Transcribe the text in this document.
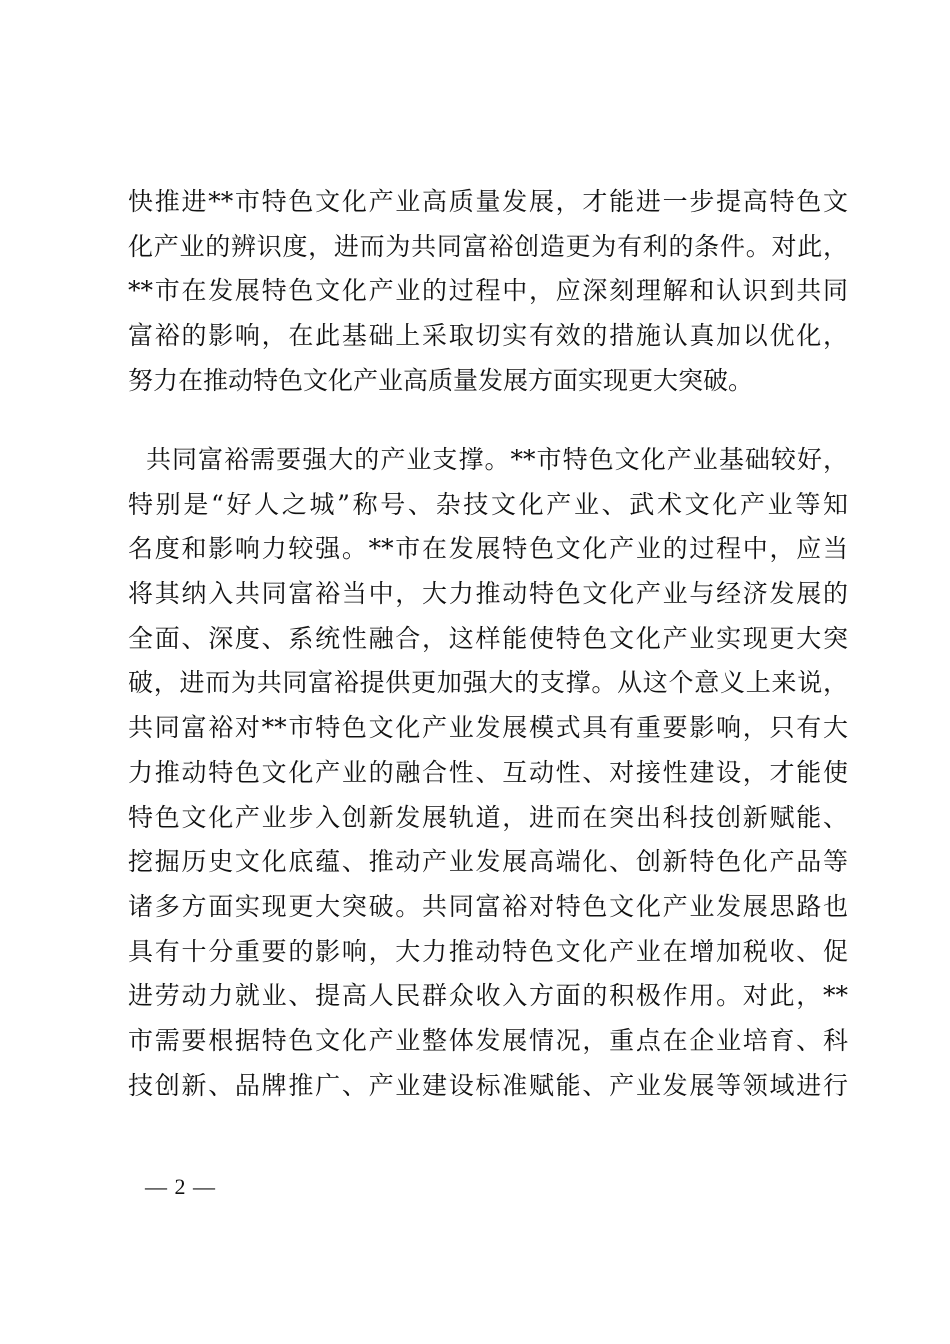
快推进**市特色文化产业高质量发展，才能进一步提高特色文
化产业的辨识度，进而为共同富裕创造更为有利的条件。对此，
**市在发展特色文化产业的过程中，应深刻理解和认识到共同
富裕的影响，在此基础上采取切实有效的措施认真加以优化，
努力在推动特色文化产业高质量发展方面实现更大突破。
共同富裕需要强大的产业支撑。**市特色文化产业基础较好，
特别是“好人之城”称号、杂技文化产业、武术文化产业等知
名度和影响力较强。**市在发展特色文化产业的过程中，应当
将其纳入共同富裕当中，大力推动特色文化产业与经济发展的
全面、深度、系统性融合，这样能使特色文化产业实现更大突
破，进而为共同富裕提供更加强大的支撑。从这个意义上来说，
共同富裕对**市特色文化产业发展模式具有重要影响，只有大
力推动特色文化产业的融合性、互动性、对接性建设，才能使
特色文化产业步入创新发展轨道，进而在突出科技创新赋能、
挖掘历史文化底蕴、推动产业发展高端化、创新特色化产品等
诸多方面实现更大突破。共同富裕对特色文化产业发展思路也
具有十分重要的影响，大力推动特色文化产业在增加税收、促
进劳动力就业、提高人民群众收入方面的积极作用。对此，**
市需要根据特色文化产业整体发展情况，重点在企业培育、科
技创新、品牌推广、产业建设标准赋能、产业发展等领域进行
— 2 —
